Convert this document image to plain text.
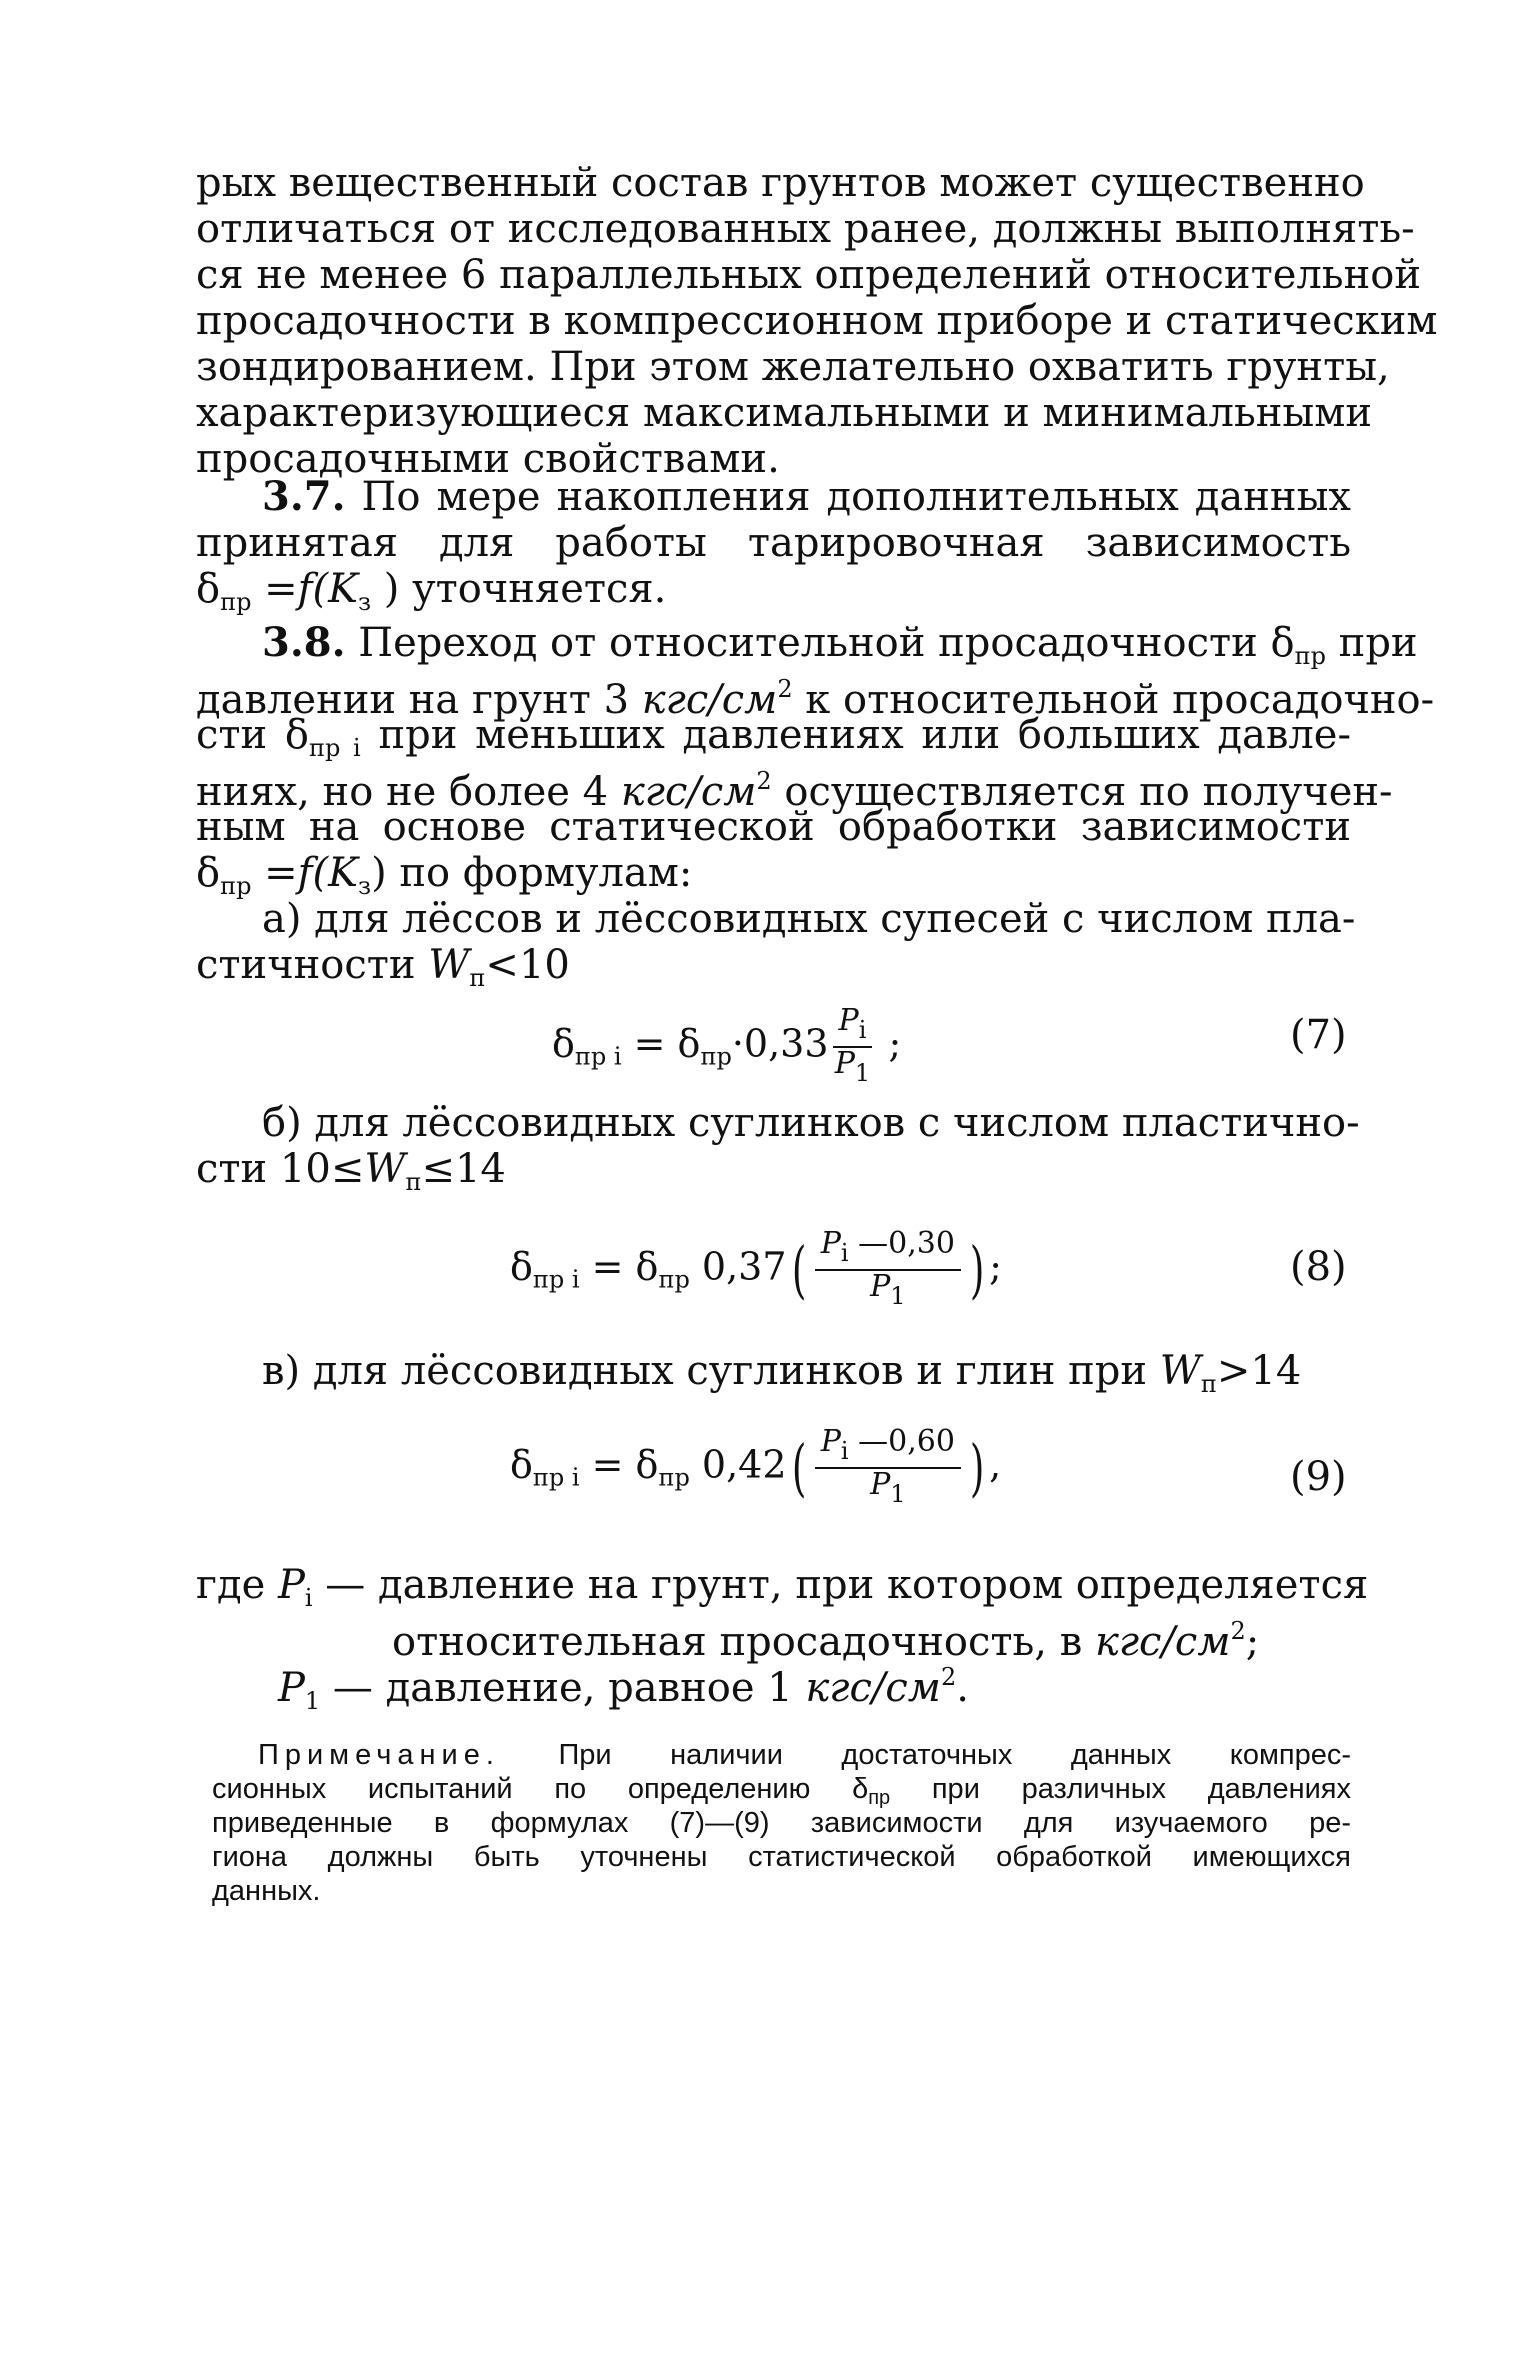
рых вещественный состав грунтов может существенно
отличаться от исследованных ранее, должны выполнять-
ся не менее 6 параллельных определений относительной
просадочности в компрессионном приборе и статическим
зондированием. При этом желательно охватить грунты,
характеризующиеся максимальными и минимальными
просадочными свойствами.
3.7. По мере накопления дополнительных данных
принятая для работы тарировочная зависимость
$\delta_{пр} =f(K_з$ ) уточняется.
3.8. Переход от относительной просадочности $\delta_{пр}$ при
давлении на грунт 3 кгс/$см^2$ к относительной просадочно-
сти $\delta_{пр i}$ при меньших давлениях или больших давле-
ниях, но не более 4 кгс/$см^2$ осуществляется по получен-
ным на основе статической обработки зависимости
$\delta_{пр} =f(K_з)$ по формулам:
а) для лёссов и лёссовидных супесей с числом пла-
стичности $W_п<10$
$\delta_{пр i} = \delta_{пр}\cdot 0,33 \frac{P_i}{P_1}$ ;	(7)
б) для лёссовидных суглинков с числом пластично-
сти $10\le W_п\le 14$
$\delta_{пр i} = \delta_{пр}$ $0,37( \frac{P_i —0,30}{P_1}$ ) ;	(8)
в) для лёссовидных суглинков и глин при $W_п>14$
$\delta_{пр i} = \delta_{пр}$ $0,42( \frac{P_i —0,60}{P_1}$ ) ,	(9)
где $P_i$ — давление на грунт, при котором определяется
относительная просадочность, в кгс/$см^2$;
$P_1$ — давление, равное 1 кгс/$см^2$.
Примечание. При наличии достаточных данных компрес-
сионных испытаний по определению $\delta_{пр}$ при различных давлениях
приведенные в формулах (7)—(9) зависимости для изучаемого ре-
гиона должны быть уточнены статистической обработкой имеющихся
данных.
